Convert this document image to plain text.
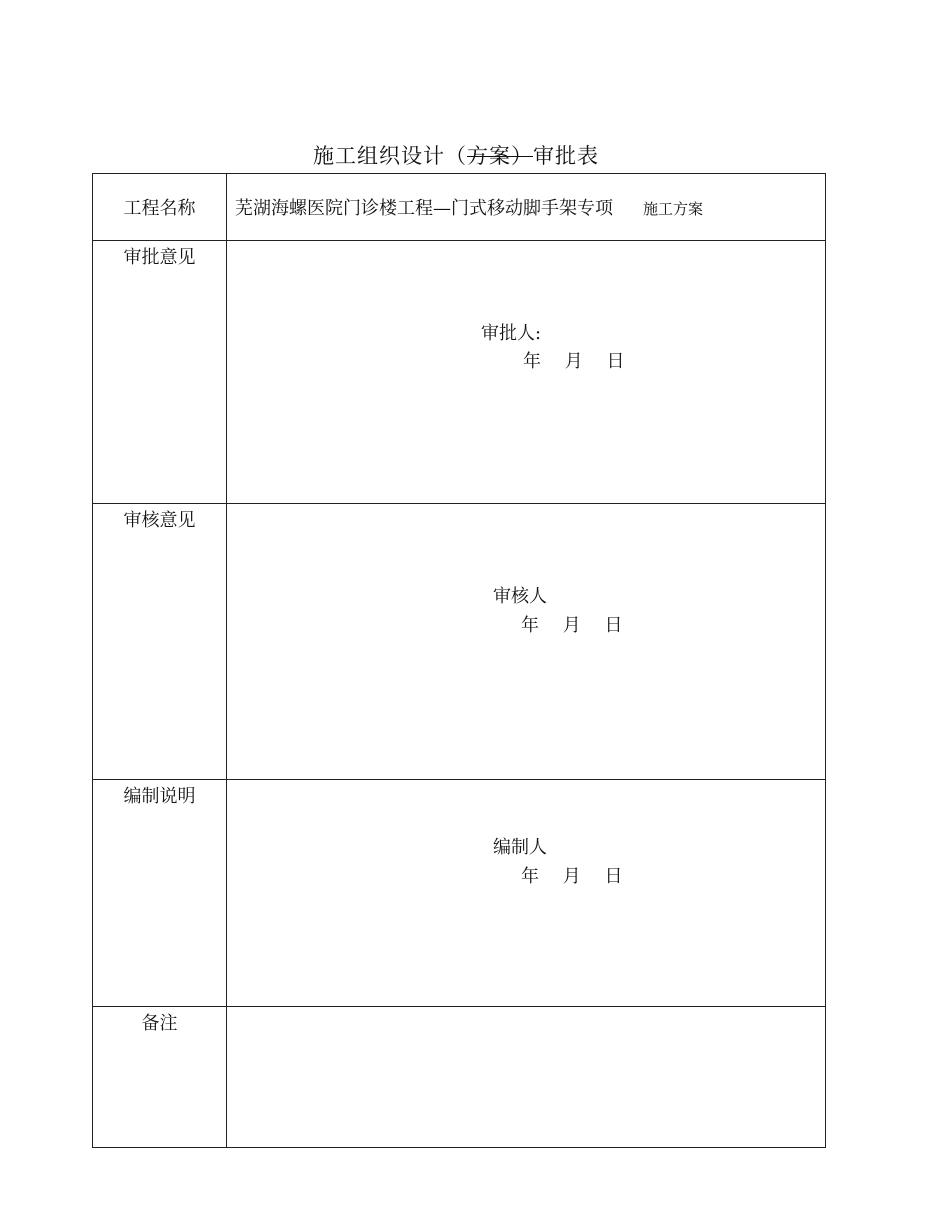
施工组织设计（方案）审批表
工程名称	芜湖海螺医院门诊楼工程—门式移动脚手架专项 施工方案

审批意见	审批人:
年 月 日

审核意见	审核人
年 月 日

编制说明	编制人
年 月 日

备注	
